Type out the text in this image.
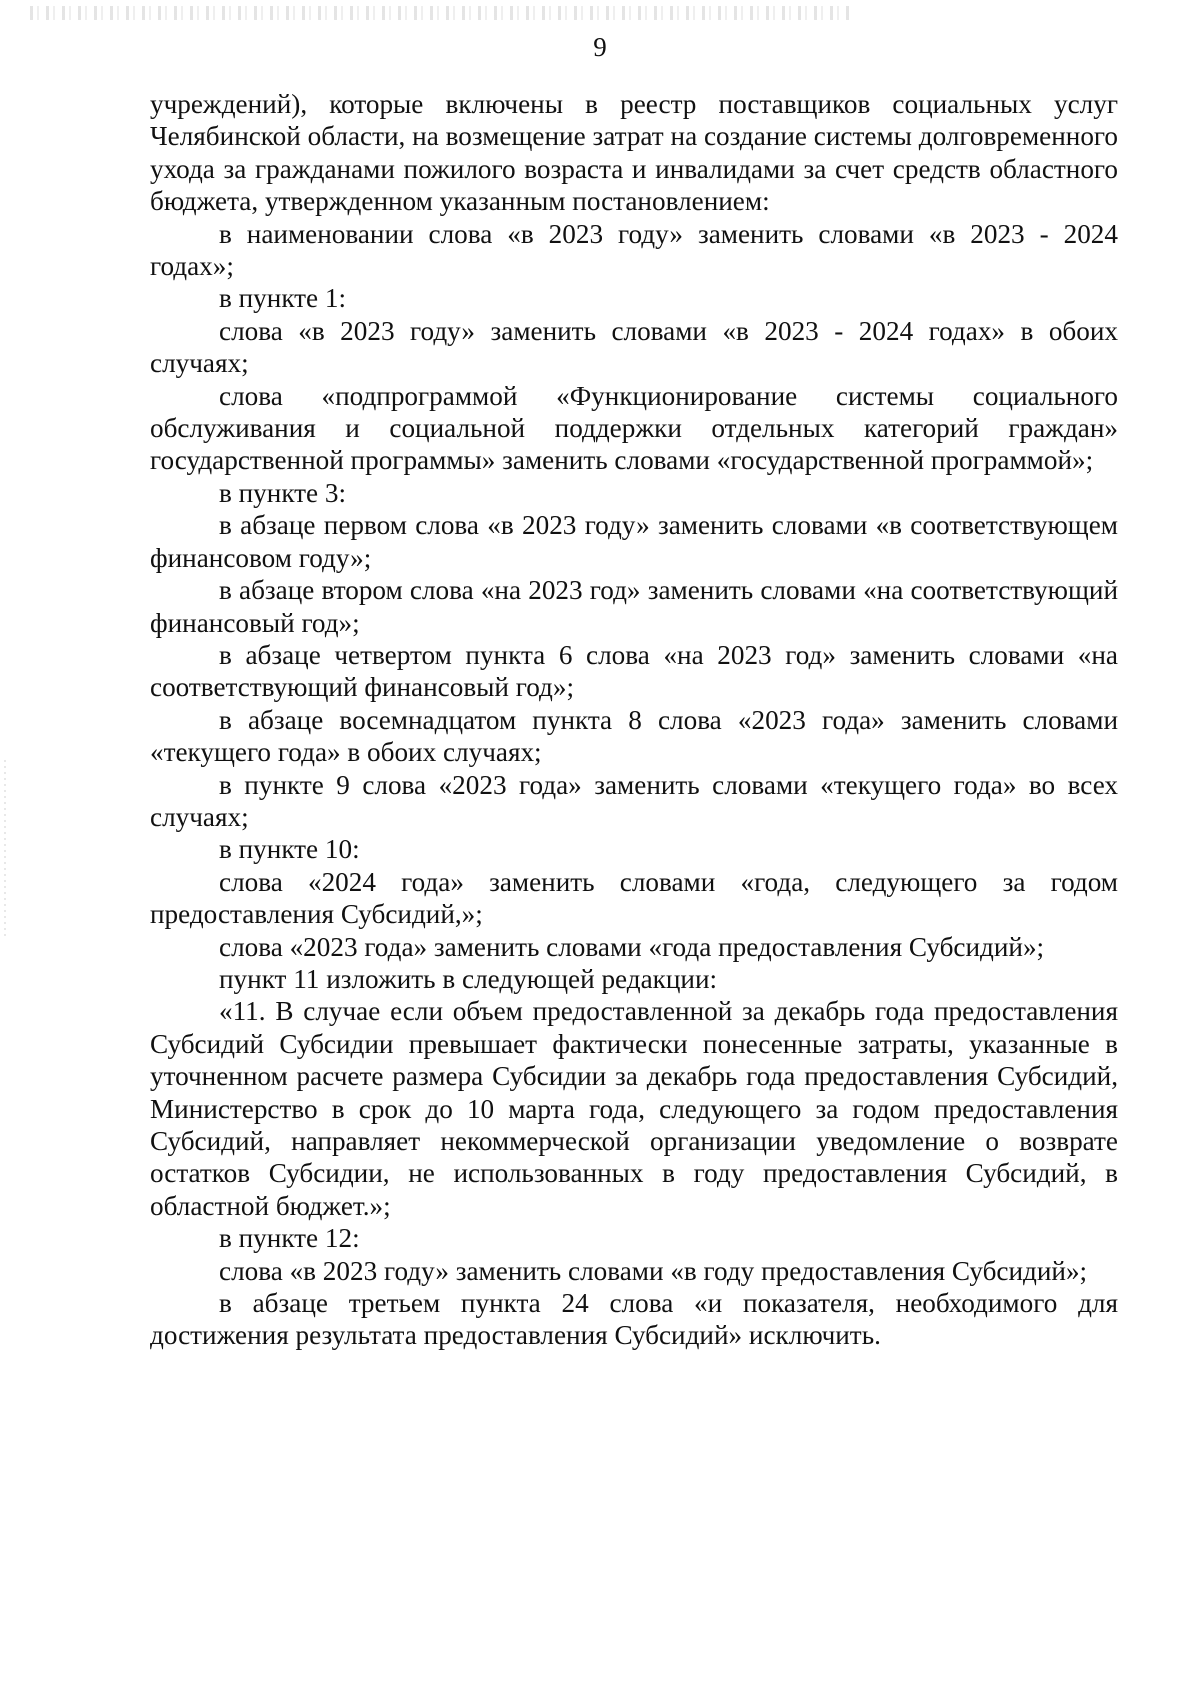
9

учреждений), которые включены в реестр поставщиков социальных услуг Челябинской области, на возмещение затрат на создание системы долговременного ухода за гражданами пожилого возраста и инвалидами за счет средств областного бюджета, утвержденном указанным постановлением:

в наименовании слова «в 2023 году» заменить словами «в 2023 - 2024 годах»;

в пункте 1:

слова «в 2023 году» заменить словами «в 2023 - 2024 годах» в обоих случаях;

слова «подпрограммой «Функционирование системы социального обслуживания и социальной поддержки отдельных категорий граждан» государственной программы» заменить словами «государственной программой»;

в пункте 3:

в абзаце первом слова «в 2023 году» заменить словами «в соответствующем финансовом году»;

в абзаце втором слова «на 2023 год» заменить словами «на соответствующий финансовый год»;

в абзаце четвертом пункта 6 слова «на 2023 год» заменить словами «на соответствующий финансовый год»;

в абзаце восемнадцатом пункта 8 слова «2023 года» заменить словами «текущего года» в обоих случаях;

в пункте 9 слова «2023 года» заменить словами «текущего года» во всех случаях;

в пункте 10:

слова «2024 года» заменить словами «года, следующего за годом предоставления Субсидий,»;

слова «2023 года» заменить словами «года предоставления Субсидий»;

пункт 11 изложить в следующей редакции:

«11. В случае если объем предоставленной за декабрь года предоставления Субсидий Субсидии превышает фактически понесенные затраты, указанные в уточненном расчете размера Субсидии за декабрь года предоставления Субсидий, Министерство в срок до 10 марта года, следующего за годом предоставления Субсидий, направляет некоммерческой организации уведомление о возврате остатков Субсидии, не использованных в году предоставления Субсидий, в областной бюджет.»;

в пункте 12:

слова «в 2023 году» заменить словами «в году предоставления Субсидий»;

в абзаце третьем пункта 24 слова «и показателя, необходимого для достижения результата предоставления Субсидий» исключить.
